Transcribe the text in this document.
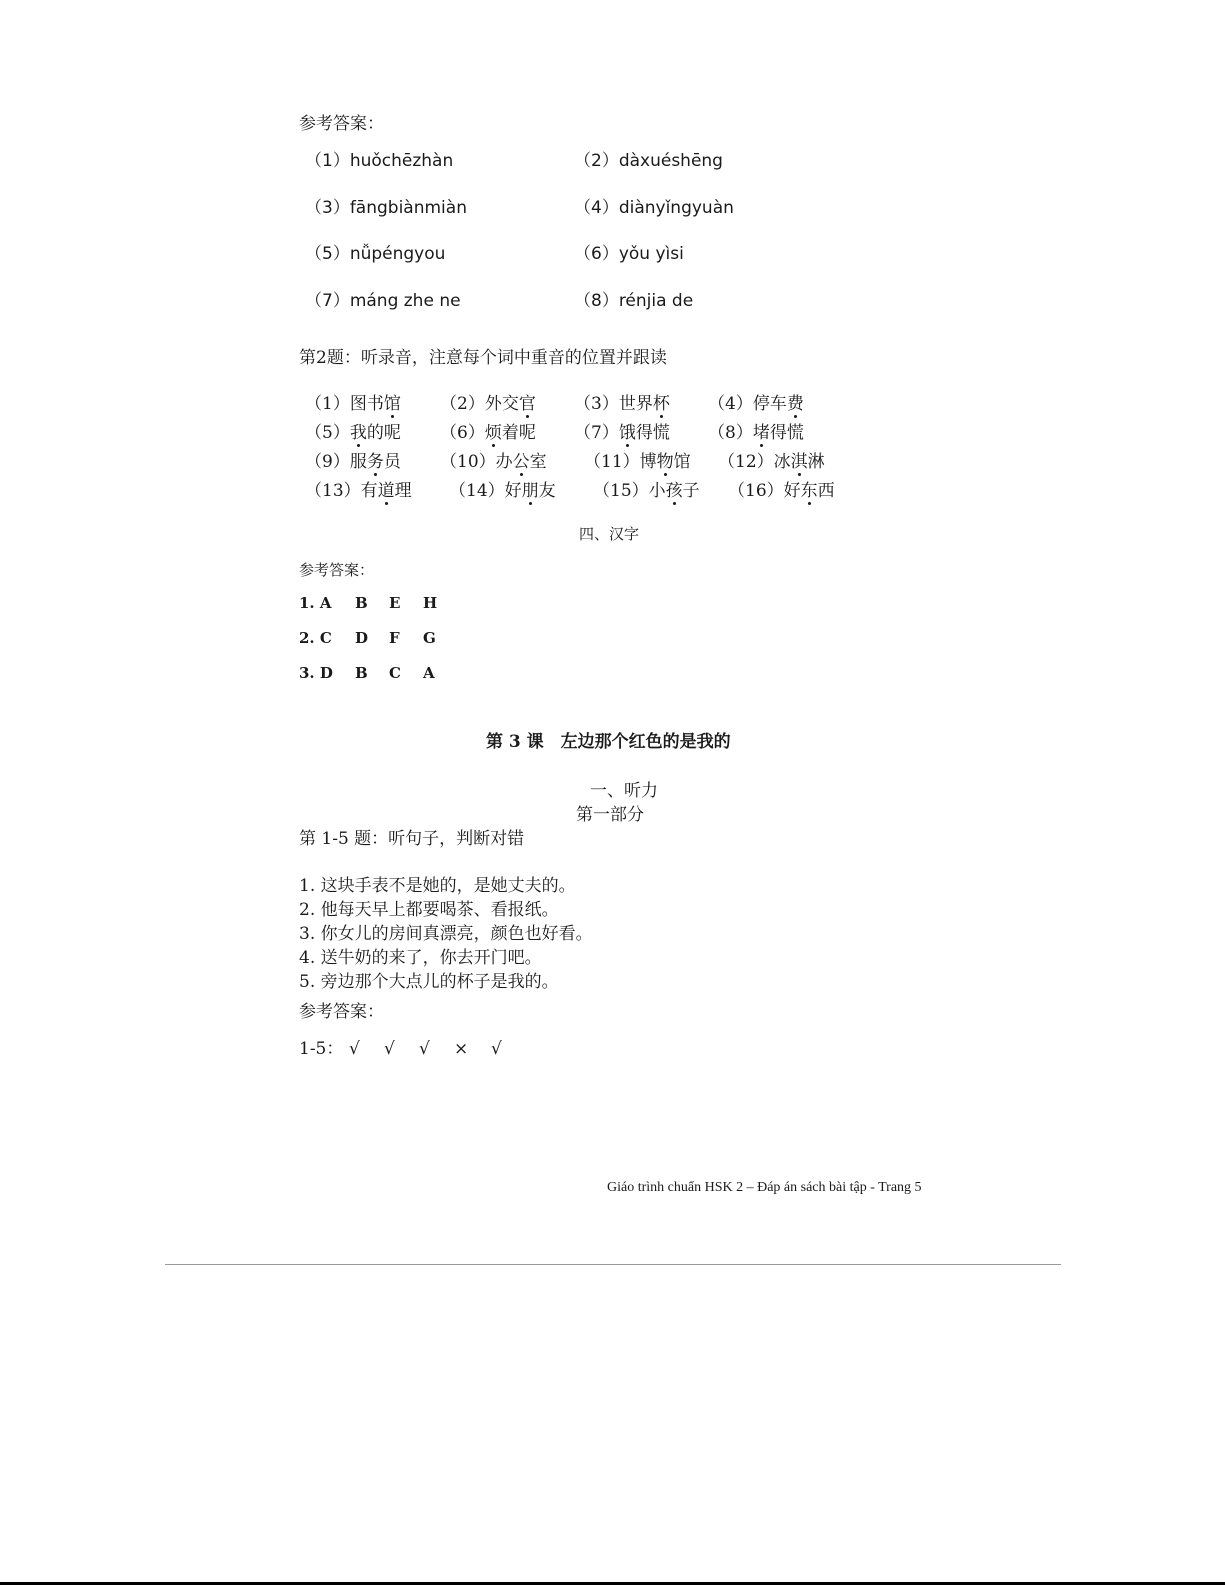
参考答案：
（1）huǒchēzhàn	（2）dàxuéshēng
（3）fāngbiànmiàn	（4）diànyǐngyuàn
（5）nǚpéngyou	（6）yǒu yìsi
（7）máng zhe ne	（8）rénjia de
第2题：听录音，注意每个词中重音的位置并跟读
（1）图书馆 （2）外交官 （3）世界杯 （4）停车费
（5）我的呢 （6）烦着呢 （7）饿得慌 （8）堵得慌
（9）服务员 （10）办公室 （11）博物馆 （12）冰淇淋
（13）有道理 （14）好朋友 （15）小孩子 （16）好东西
四、汉字
参考答案：
1. A B E H
2. C D F G
3. D B C A
第 3 课　左边那个红色的是我的
一、听力
第一部分
第 1-5 题：听句子，判断对错
1. 这块手表不是她的，是她丈夫的。
2. 他每天早上都要喝茶、看报纸。
3. 你女儿的房间真漂亮，颜色也好看。
4. 送牛奶的来了，你去开门吧。
5. 旁边那个大点儿的杯子是我的。
参考答案：
1-5： √ √ √ × √
Giáo trình chuẩn HSK 2 – Đáp án sách bài tập - Trang 5
